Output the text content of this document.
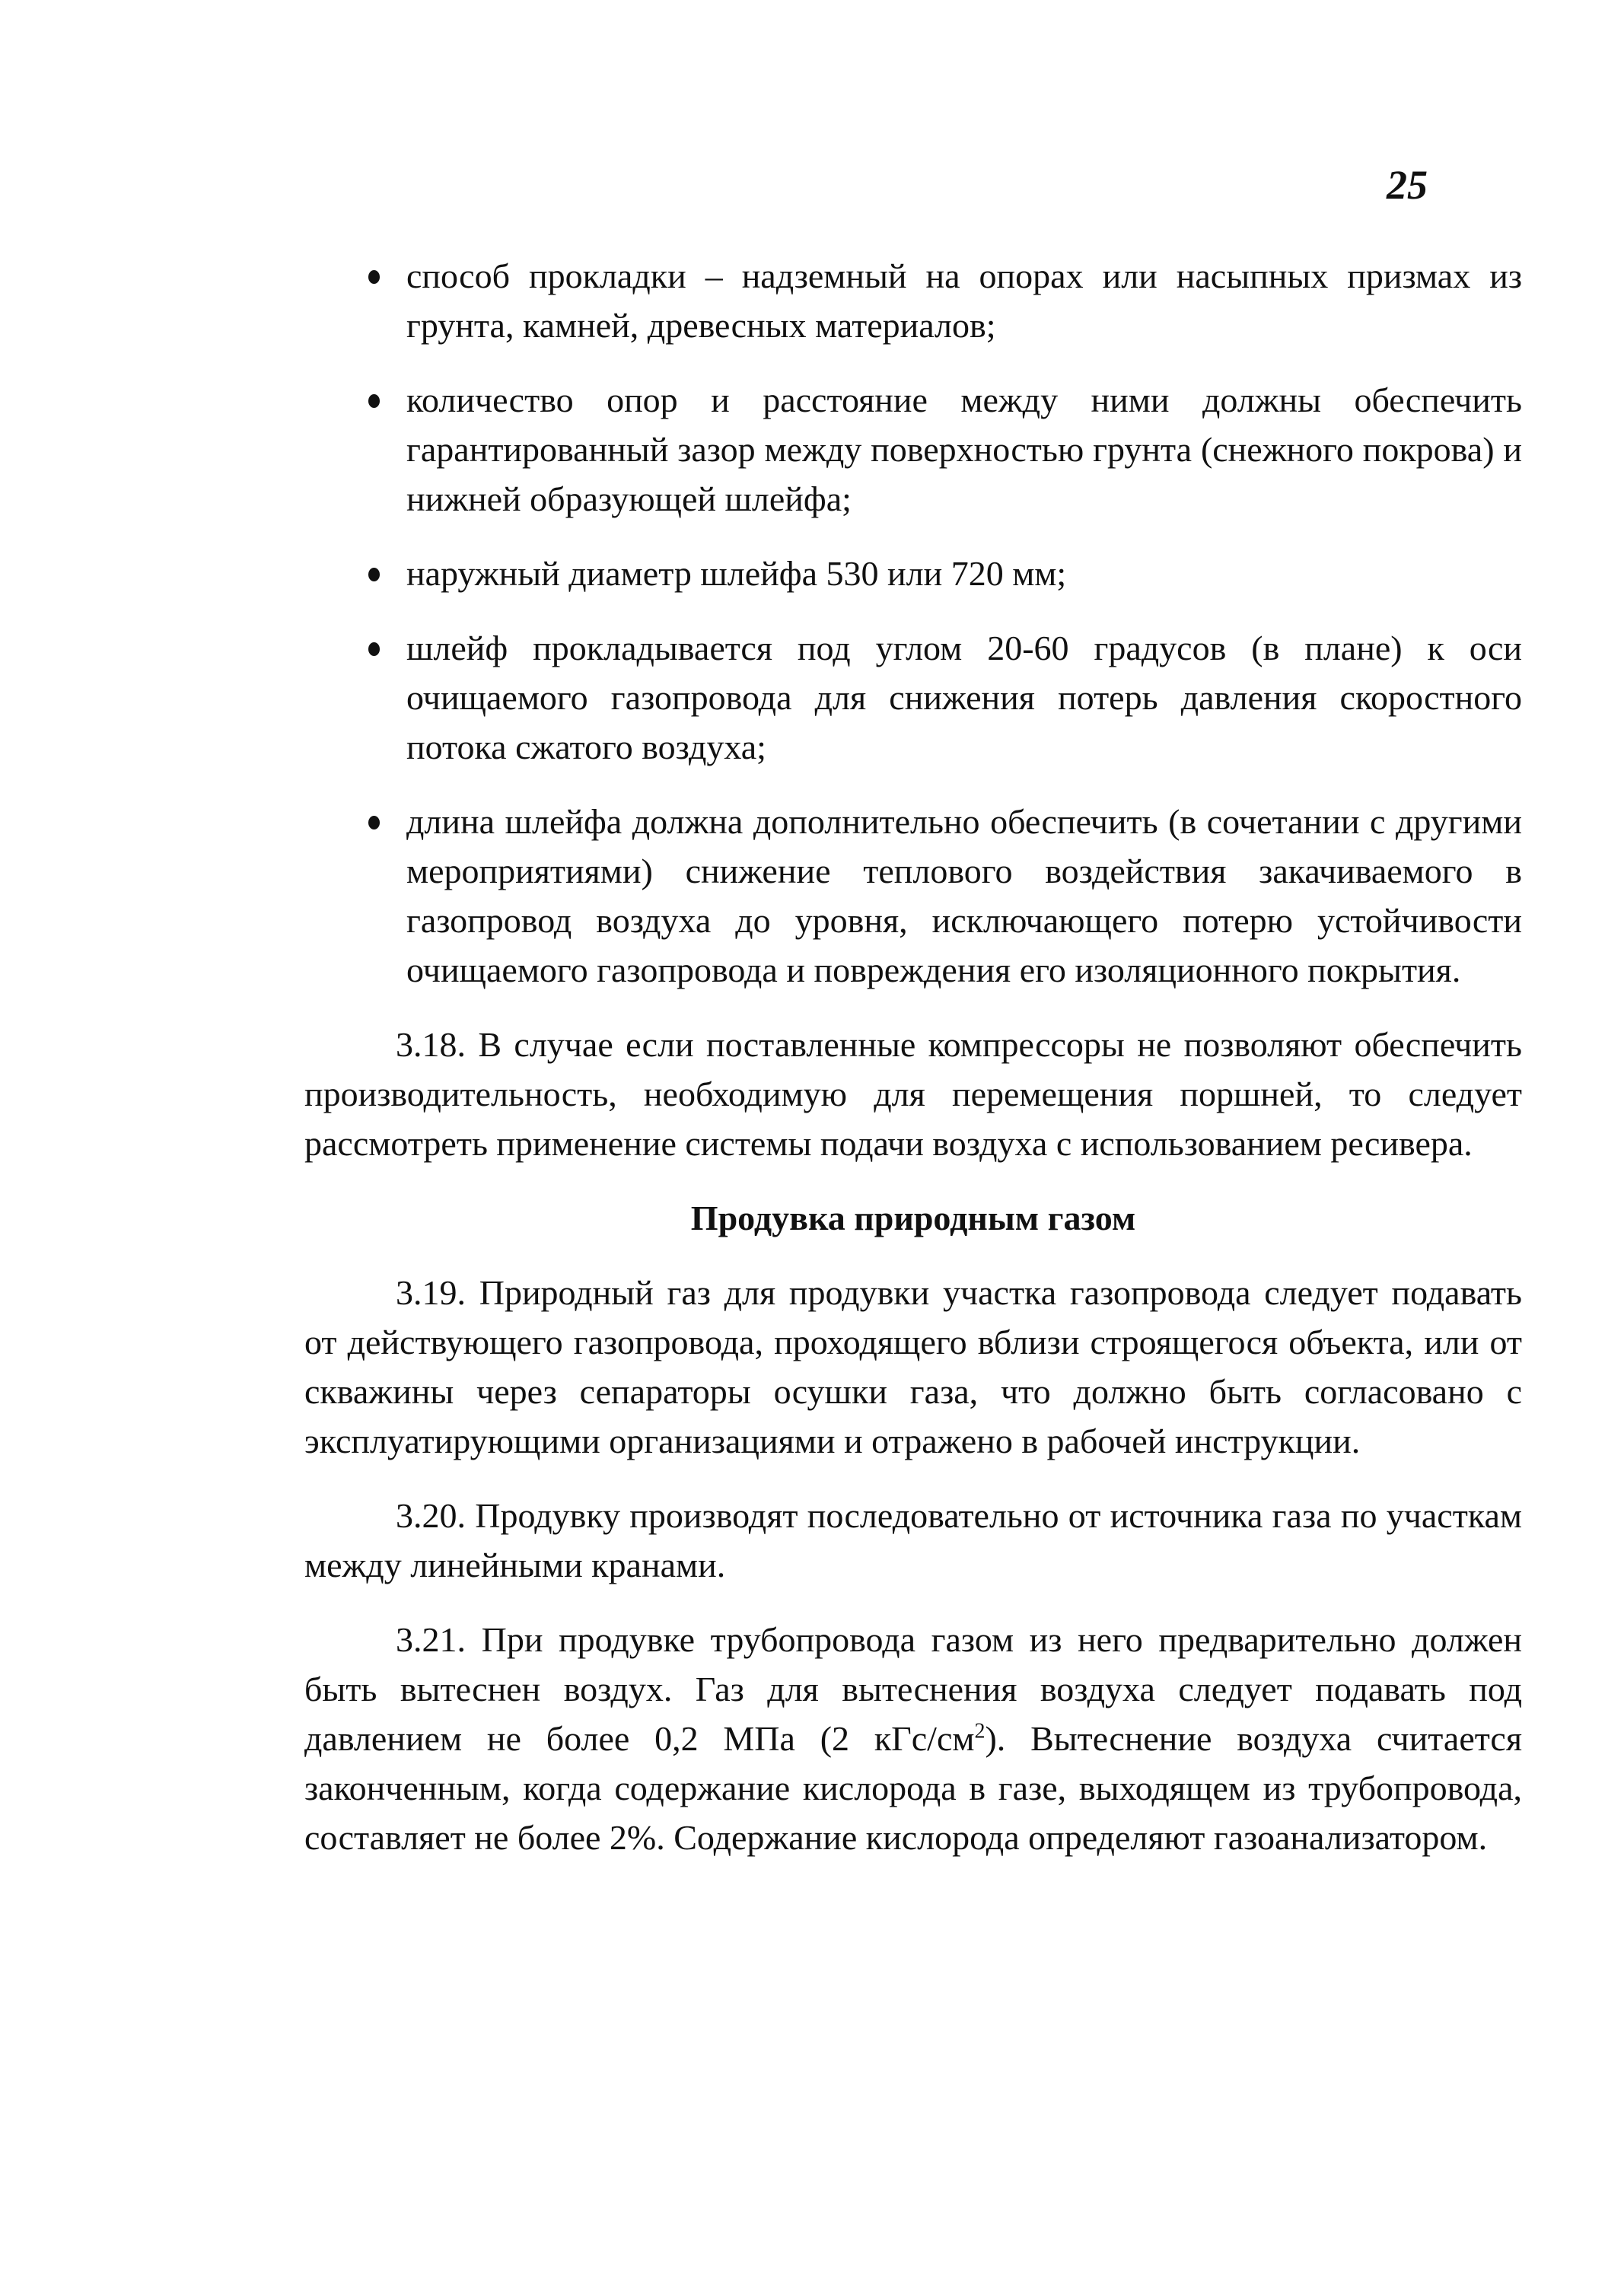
25
способ прокладки – надземный на опорах или насыпных призмах из грунта, камней, древесных материалов;
количество опор и расстояние между ними должны обеспечить гарантированный зазор между поверхностью грунта (снежного покрова) и нижней образующей шлейфа;
наружный диаметр шлейфа 530 или 720 мм;
шлейф прокладывается под углом 20-60 градусов (в плане) к оси очищаемого газопровода для снижения потерь давления скоростного потока сжатого воздуха;
длина шлейфа должна дополнительно обеспечить (в сочетании с другими мероприятиями) снижение теплового воздействия закачиваемого в газопровод воздуха до уровня, исключающего потерю устойчивости очищаемого газопровода и повреждения его изоляционного покрытия.

3.18. В случае если поставленные компрессоры не позволяют обеспечить производительность, необходимую для перемещения поршней, то следует рассмотреть применение системы подачи воздуха с использованием ресивера.

Продувка природным газом

3.19. Природный газ для продувки участка газопровода следует подавать от действующего газопровода, проходящего вблизи строящегося объекта, или от скважины через сепараторы осушки газа, что должно быть согласовано с эксплуатирующими организациями и отражено в рабочей инструкции.

3.20. Продувку производят последовательно от источника газа по участкам между линейными кранами.

3.21. При продувке трубопровода газом из него предварительно должен быть вытеснен воздух. Газ для вытеснения воздуха следует подавать под давлением не более 0,2 МПа (2 кГс/$см^2$). Вытеснение воздуха считается законченным, когда содержание кислорода в газе, выходящем из трубопровода, составляет не более 2%. Содержание кислорода определяют газоанализатором.
